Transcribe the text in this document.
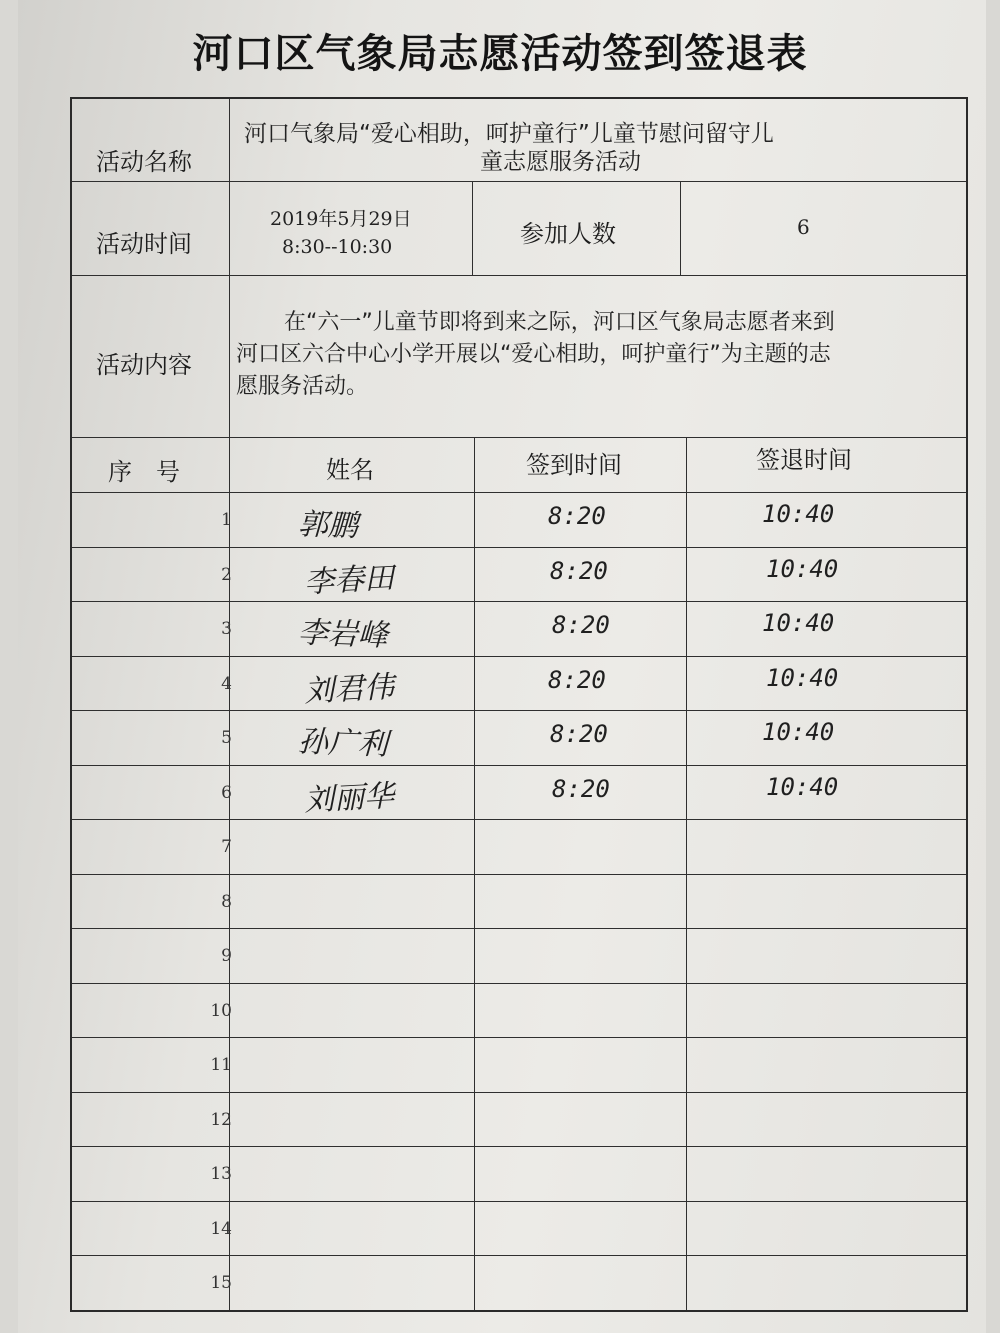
河口区气象局志愿活动签到签退表
活动名称
河口气象局“爱心相助，呵护童行”儿童节慰问留守儿
童志愿服务活动
活动时间
2019年5月29日
8:30--10:30	参加人数	6
活动内容
在“六一”儿童节即将到来之际，河口区气象局志愿者来到
河口区六合中心小学开展以“爱心相助，呵护童行”为主题的志
愿服务活动。
序　号	姓名	签到时间	签退时间
1 郭鹏	8:20	10:40
2 李春田	8:20	10:40
3 李岩峰	8:20	10:40
4 刘君伟	8:20	10:40
5 孙广利	8:20	10:40
6 刘丽华	8:20	10:40
7
8
9
10
11
12
13
14
15
